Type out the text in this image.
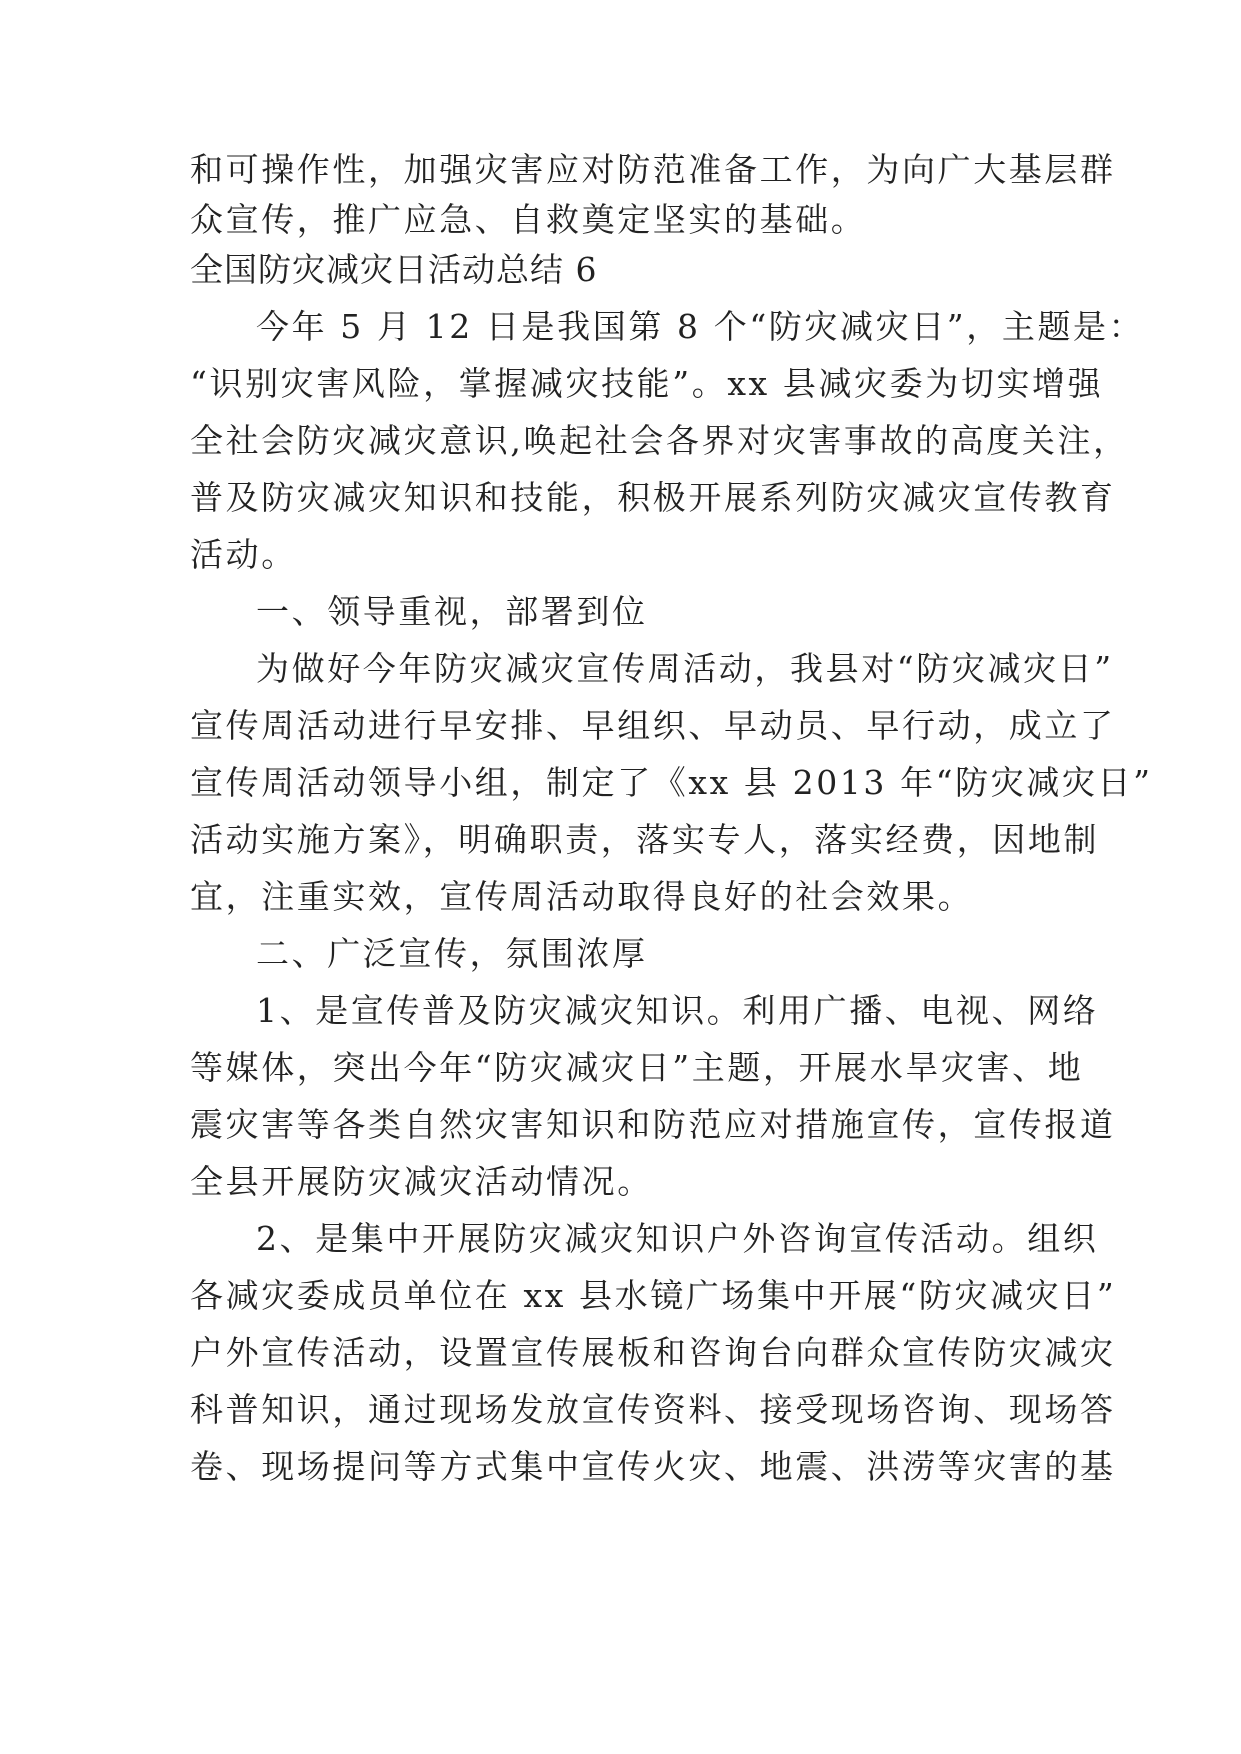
和可操作性，加强灾害应对防范准备工作，为向广大基层群
众宣传，推广应急、自救奠定坚实的基础。
全国防灾减灾日活动总结 6
今年 5 月 12 日是我国第 8 个“防灾减灾日”，主题是：
“识别灾害风险，掌握减灾技能”。xx 县减灾委为切实增强
全社会防灾减灾意识,唤起社会各界对灾害事故的高度关注，
普及防灾减灾知识和技能，积极开展系列防灾减灾宣传教育
活动。
一、领导重视，部署到位
为做好今年防灾减灾宣传周活动，我县对“防灾减灾日”
宣传周活动进行早安排、早组织、早动员、早行动，成立了
宣传周活动领导小组，制定了《xx 县 2013 年“防灾减灾日”
活动实施方案》，明确职责，落实专人，落实经费，因地制
宜，注重实效，宣传周活动取得良好的社会效果。
二、广泛宣传，氛围浓厚
1、是宣传普及防灾减灾知识。利用广播、电视、网络
等媒体，突出今年“防灾减灾日”主题，开展水旱灾害、地
震灾害等各类自然灾害知识和防范应对措施宣传，宣传报道
全县开展防灾减灾活动情况。
2、是集中开展防灾减灾知识户外咨询宣传活动。组织
各减灾委成员单位在 xx 县水镜广场集中开展“防灾减灾日”
户外宣传活动，设置宣传展板和咨询台向群众宣传防灾减灾
科普知识，通过现场发放宣传资料、接受现场咨询、现场答
卷、现场提问等方式集中宣传火灾、地震、洪涝等灾害的基
